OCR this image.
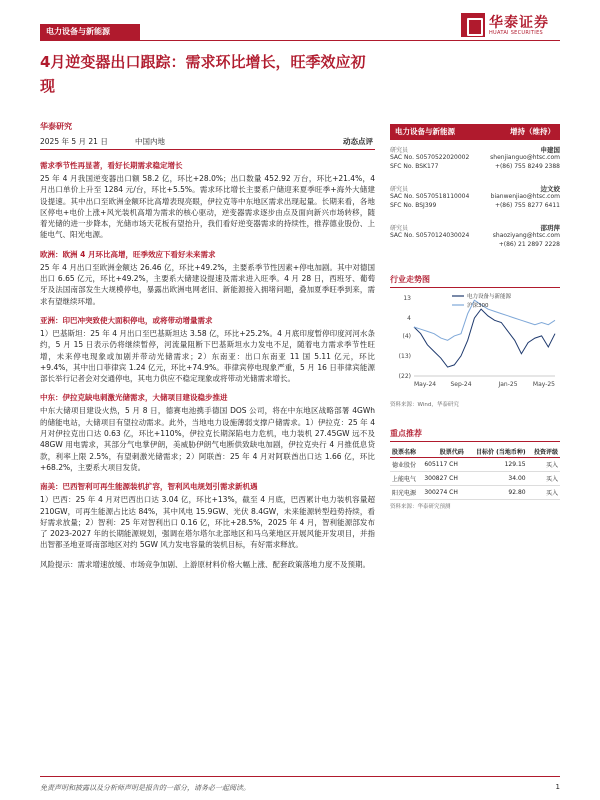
电力设备与新能源
华泰证券
HUATAI SECURITIES
4月逆变器出口跟踪：需求环比增长，旺季效应初现
华泰研究
2025 年 5 月 21 日	中国内地	动态点评
需求季节性再显著，看好长期需求稳定增长
25 年 4 月我国逆变器出口额 58.2 亿，环比+28.0%；出口数量 452.92 万台，环比+21.4%，4 月出口单价上升至 1284 元/台，环比+5.5%。需求环比增长主要系户储迎来夏季旺季+海外大储建设提速。其中出口至欧洲金额环比高增表现亮眼，伊拉克等中东地区需求出现起量。长期来看，各地区停电+电价上涨+风光装机高增为需求的核心驱动，逆变器需求逐步由点及面向新兴市场转移，随着光储的进一步降本，光储市场天花板有望抬升，我们看好逆变器需求的持续性，推荐德业股份、上能电气、阳光电源。
欧洲：欧洲 4 月环比高增，旺季效应下看好未来需求
25 年 4 月出口至欧洲金额达 26.46 亿，环比+49.2%，主要系季节性因素+停电加剧。其中对德国出口 6.65 亿元，环比+49.2%，主要系大储建设提速及需求进入旺季。4 月 28 日，西班牙、葡萄牙及法国南部发生大规模停电，暴露出欧洲电网老旧、新能源接入拥堵问题，叠加夏季旺季到来，需求有望继续环增。
亚洲：印巴冲突致使大面积停电，或将带动增量需求
1）巴基斯坦：25 年 4 月出口至巴基斯坦达 3.58 亿，环比+25.2%。4 月底印度暂停印度河河水条约，5 月 15 日表示仍将继续暂停，河流量阻断下巴基斯坦水力发电不足，随着电力需求季节性旺增，未来停电现象或加剧并带动光储需求；2）东南亚：出口东南亚 11 国 5.11 亿元，环比+9.4%，其中出口菲律宾 1.24 亿元，环比+74.9%。菲律宾停电现象严重，5 月 16 日菲律宾能源部长举行记者会对交通停电，其电力供应不稳定现象或将带动光储需求增长。
中东：伊拉克缺电刺激光储需求，大储项目建设稳步推进
中东大储项目建设火热，5 月 8 日，德赛电池携手德国 DOS 公司，将在中东地区战略部署 4GWh 的储能电站，大储项目有望拉动需求。此外，当地电力设施薄弱支撑户储需求。1）伊拉克：25 年 4 月对伊拉克出口达 0.63 亿，环比+110%，伊拉克长期深陷电力危机，电力装机 27.45GW 远不及 48GW 用电需求，其部分气电掌伊朗，美威胁伊朗气电断供致缺电加剧，伊拉克央行 4 月推低息贷款，利率上限 2.5%，有望刺激光储需求；2）阿联酋：25 年 4 月对阿联酋出口达 1.66 亿，环比+68.2%，主要系大项目发货。
南美：巴西智利可再生能源装机扩容，智利风电规划引需求新机遇
1）巴西：25 年 4 月对巴西出口达 3.04 亿，环比+13%，截至 4 月底，巴西累计电力装机容量超 210GW，可再生能源占比达 84%，其中风电 15.9GW、光伏 8.4GW，未来能源转型趋势持续，看好需求放量；2）智利：25 年对智利出口 0.16 亿，环比+28.5%，2025 年 4 月，智利能源部发布了 2023-2027 年的长期能源规划，强调在塔尔塔尔北部地区和马乌莱地区开展风能开发项目，并指出智都圣地亚哥南部地区对约 5GW 风力发电容量的装机目标，有好需求释放。
风险提示：需求增速放缓、市场竞争加剧、上游原材料价格大幅上涨、配套政策落地力度不及预期。
电力设备与新能源	增持（维持）
研究员	申建国
SAC No. S0570522020002
SFC No. BSK177
shenjianguo@htsc.com
+(86) 755 8249 2388
研究员	边文姣
SAC No. S0570518110004
SFC No. BSJ399
bianwenjiao@htsc.com
+(86) 755 8277 6411
研究员	邵玥萍
SAC No. S0570124030024	shaoziyang@htsc.com
+(86) 21 2897 2228
行业走势图
13
4
(4)
(13)
(22)
May-24 Sep-24	Jan-25	May-25
电力设备与新能源
沪深300
资料来源：Wind，华泰研究
重点推荐
股票名称	股票代码	目标价 (当地币种)	投资评级
德业股份	605117 CH	129.15	买入
上能电气	300827 CH	34.00	买入
阳光电源	300274 CH	92.80	买入
资料来源：华泰研究预测
免责声明和披露以及分析师声明是报告的一部分，请务必一起阅读。	1
